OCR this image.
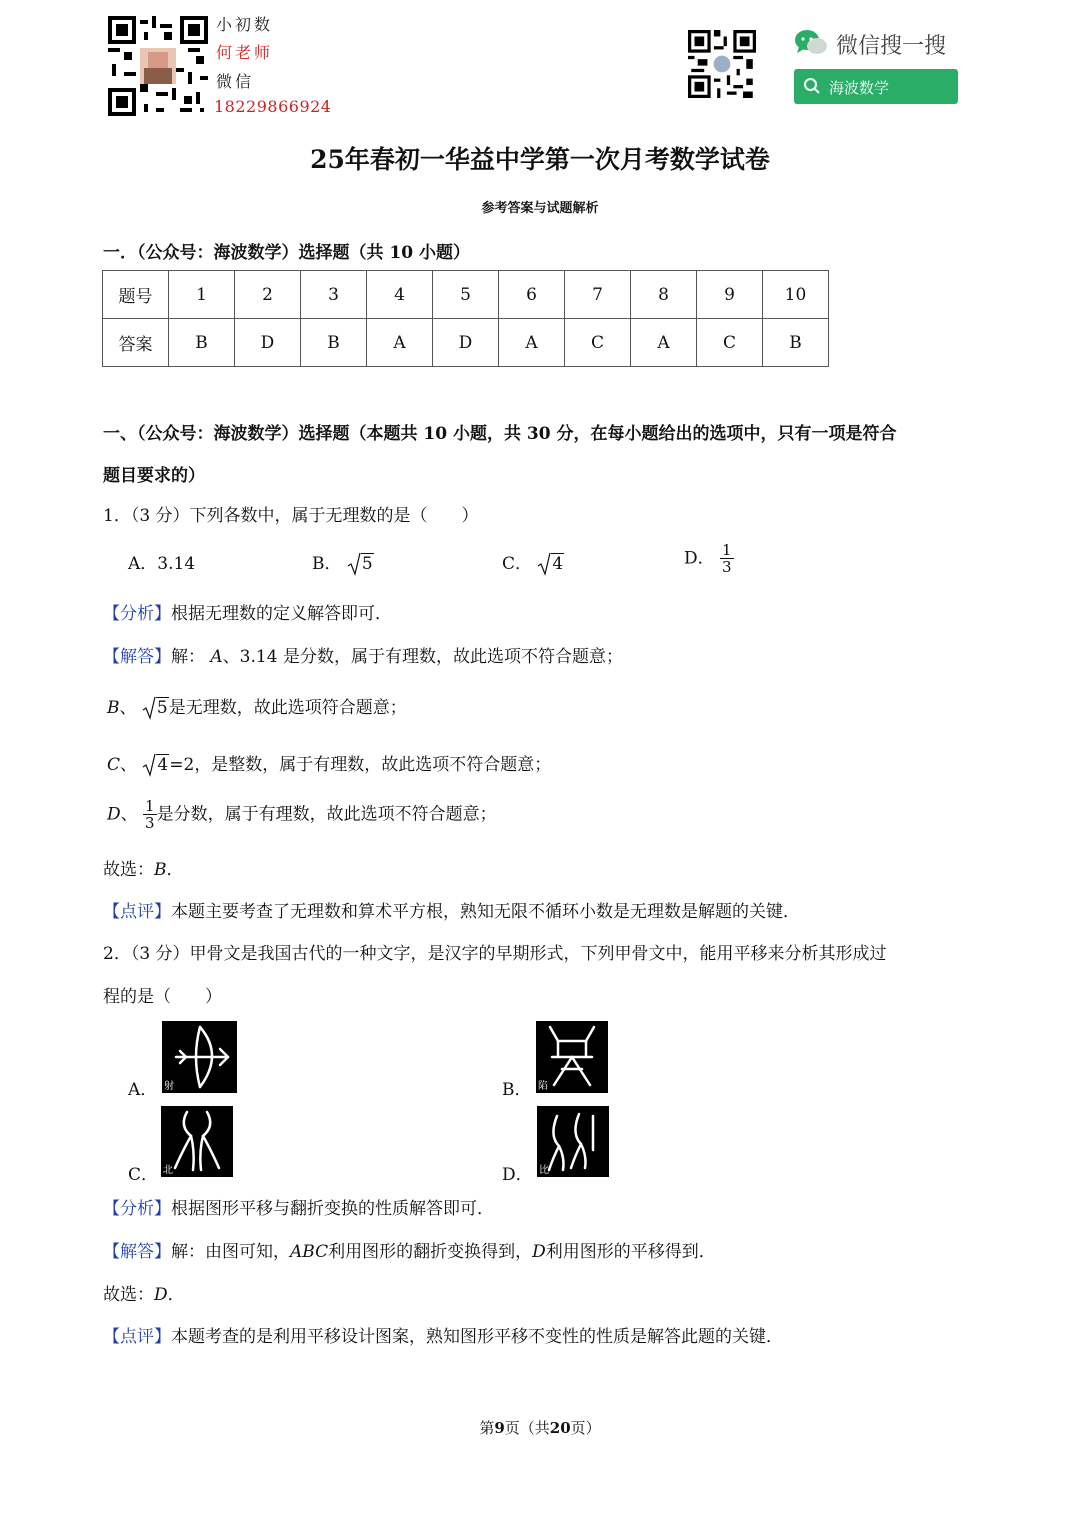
小初数
何老师
微信
18229866924
微信搜一搜
海波数学
25年春初一华益中学第一次月考数学试卷
参考答案与试题解析
一．（公众号：海波数学）选择题（共 10 小题）
题号	1	2	3	4	5	6	7	8	9	10
答案	B	D	B	A	D	A	C	A	C	B
一、（公众号：海波数学）选择题（本题共 10 小题，共 30 分，在每小题给出的选项中，只有一项是符合
题目要求的）
1．（3 分）下列各数中，属于无理数的是（　　）
A．3.14	B． 5	C． 4	D． $\frac{1}{3}$
【分析】根据无理数的定义解答即可．
【解答】解： A、3.14 是分数，属于有理数，故此选项不符合题意；
B、 5是无理数，故此选项符合题意；
C、 4=2，是整数，属于有理数，故此选项不符合题意；
D、 $\frac{1}{3}$ 是分数，属于有理数，故此选项不符合题意；
故选：B．
【点评】本题主要考查了无理数和算术平方根，熟知无限不循环小数是无理数是解题的关键．
2．（3 分）甲骨文是我国古代的一种文字，是汉字的早期形式，下列甲骨文中，能用平移来分析其形成过
程的是（　　）
A． 射	B． 陷
C． 北	D． 比
【分析】根据图形平移与翻折变换的性质解答即可．
【解答】解：由图可知，ABC利用图形的翻折变换得到，D利用图形的平移得到．
故选：D．
【点评】本题考查的是利用平移设计图案，熟知图形平移不变性的性质是解答此题的关键．
第9页（共20页）
